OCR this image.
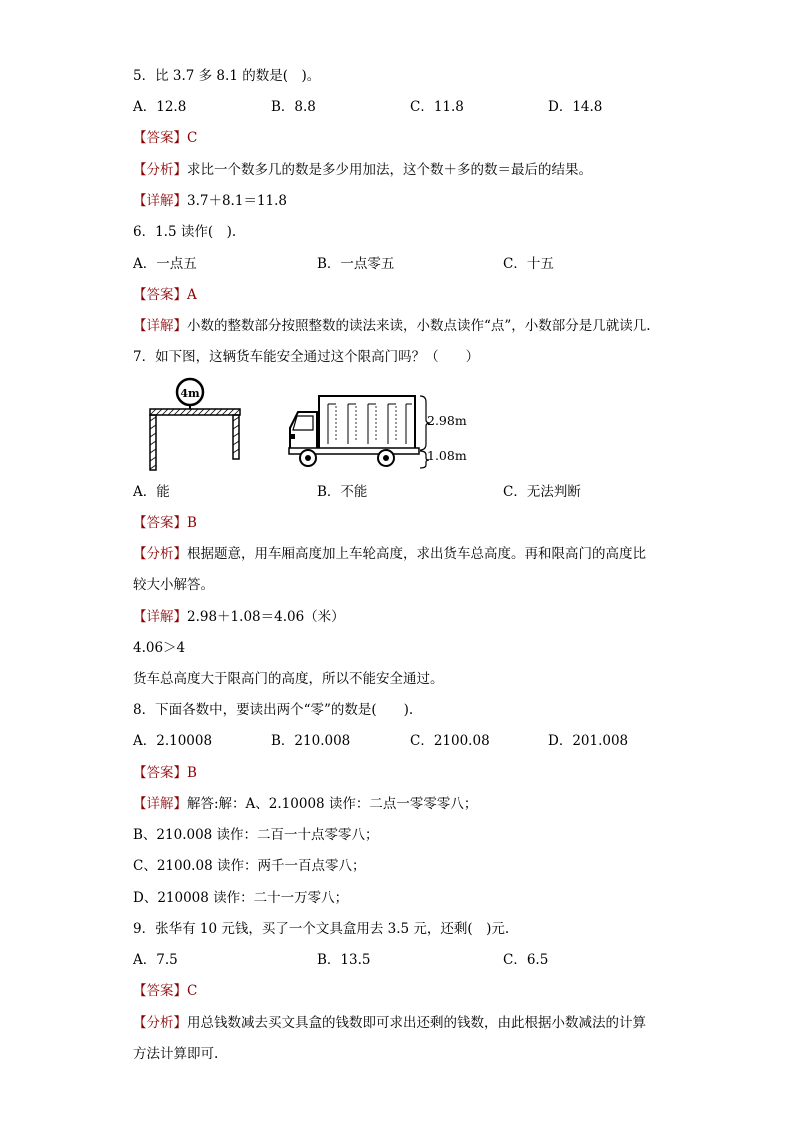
5．比 3.7 多 8.1 的数是(　)。
A．12.8	B．8.8	C．11.8	D．14.8
【答案】C
【分析】求比一个数多几的数是多少用加法，这个数＋多的数＝最后的结果。
【详解】3.7＋8.1＝11.8
6．1.5 读作(　).
A．一点五	B．一点零五	C．十五
【答案】A
【详解】小数的整数部分按照整数的读法来读，小数点读作“点”，小数部分是几就读几.
7．如下图，这辆货车能安全通过这个限高门吗？（　　）
4m
2.98m
1.08m
A．能	B．不能	C．无法判断
【答案】B
【分析】根据题意，用车厢高度加上车轮高度，求出货车总高度。再和限高门的高度比
较大小解答。
【详解】2.98＋1.08＝4.06（米）
4.06＞4
货车总高度大于限高门的高度，所以不能安全通过。
8．下面各数中，要读出两个“零”的数是(　　).
A．2.10008	B．210.008	C．2100.08	D．201.008
【答案】B
【详解】解答:解：A、2.10008 读作：二点一零零零八；
B、210.008 读作：二百一十点零零八；
C、2100.08 读作：两千一百点零八；
D、210008 读作：二十一万零八；
9．张华有 10 元钱，买了一个文具盒用去 3.5 元，还剩(　)元.
A．7.5	B．13.5	C．6.5
【答案】C
【分析】用总钱数减去买文具盒的钱数即可求出还剩的钱数，由此根据小数减法的计算
方法计算即可.
